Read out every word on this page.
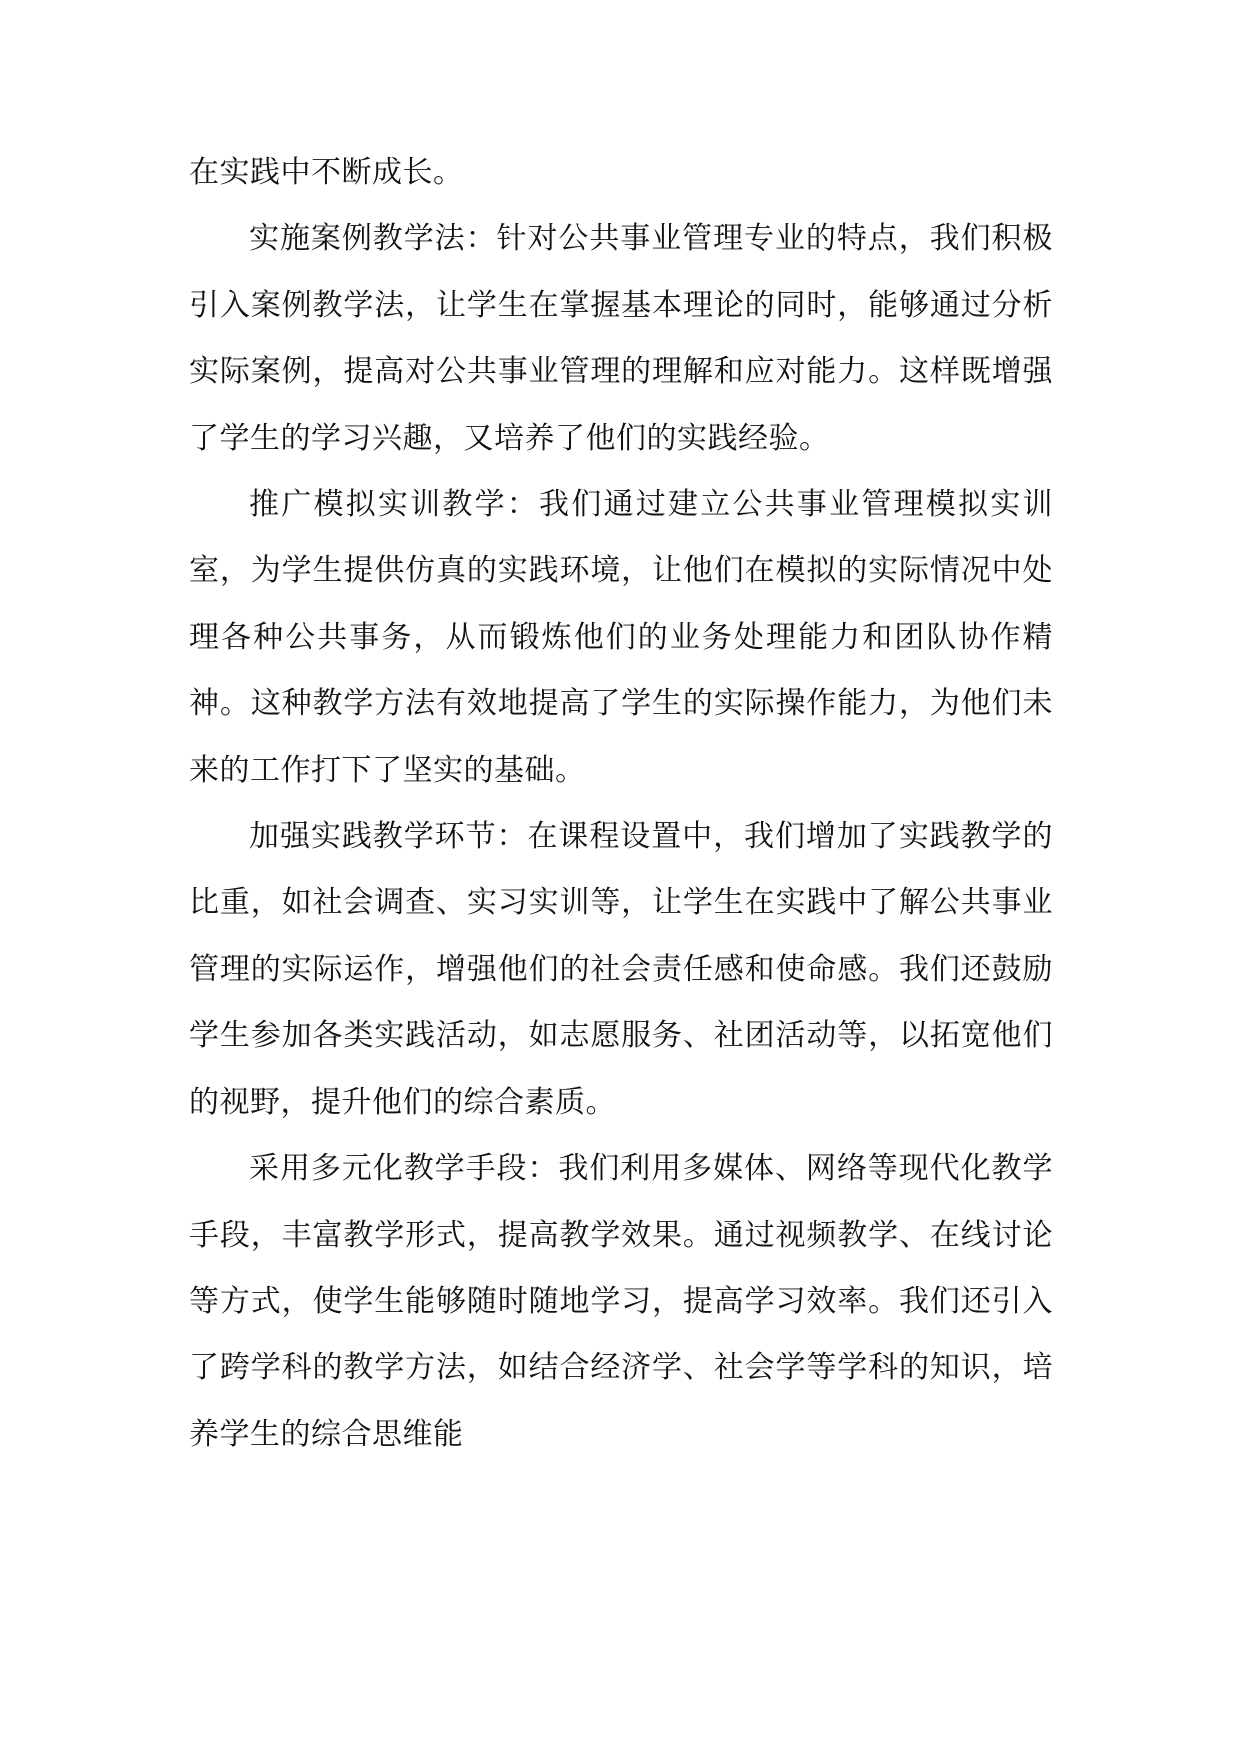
在实践中不断成长。

实施案例教学法：针对公共事业管理专业的特点，我们积极引入案例教学法，让学生在掌握基本理论的同时，能够通过分析实际案例，提高对公共事业管理的理解和应对能力。这样既增强了学生的学习兴趣，又培养了他们的实践经验。

推广模拟实训教学：我们通过建立公共事业管理模拟实训室，为学生提供仿真的实践环境，让他们在模拟的实际情况中处理各种公共事务，从而锻炼他们的业务处理能力和团队协作精神。这种教学方法有效地提高了学生的实际操作能力，为他们未来的工作打下了坚实的基础。

加强实践教学环节：在课程设置中，我们增加了实践教学的比重，如社会调查、实习实训等，让学生在实践中了解公共事业管理的实际运作，增强他们的社会责任感和使命感。我们还鼓励学生参加各类实践活动，如志愿服务、社团活动等，以拓宽他们的视野，提升他们的综合素质。

采用多元化教学手段：我们利用多媒体、网络等现代化教学手段，丰富教学形式，提高教学效果。通过视频教学、在线讨论等方式，使学生能够随时随地学习，提高学习效率。我们还引入了跨学科的教学方法，如结合经济学、社会学等学科的知识，培养学生的综合思维能
